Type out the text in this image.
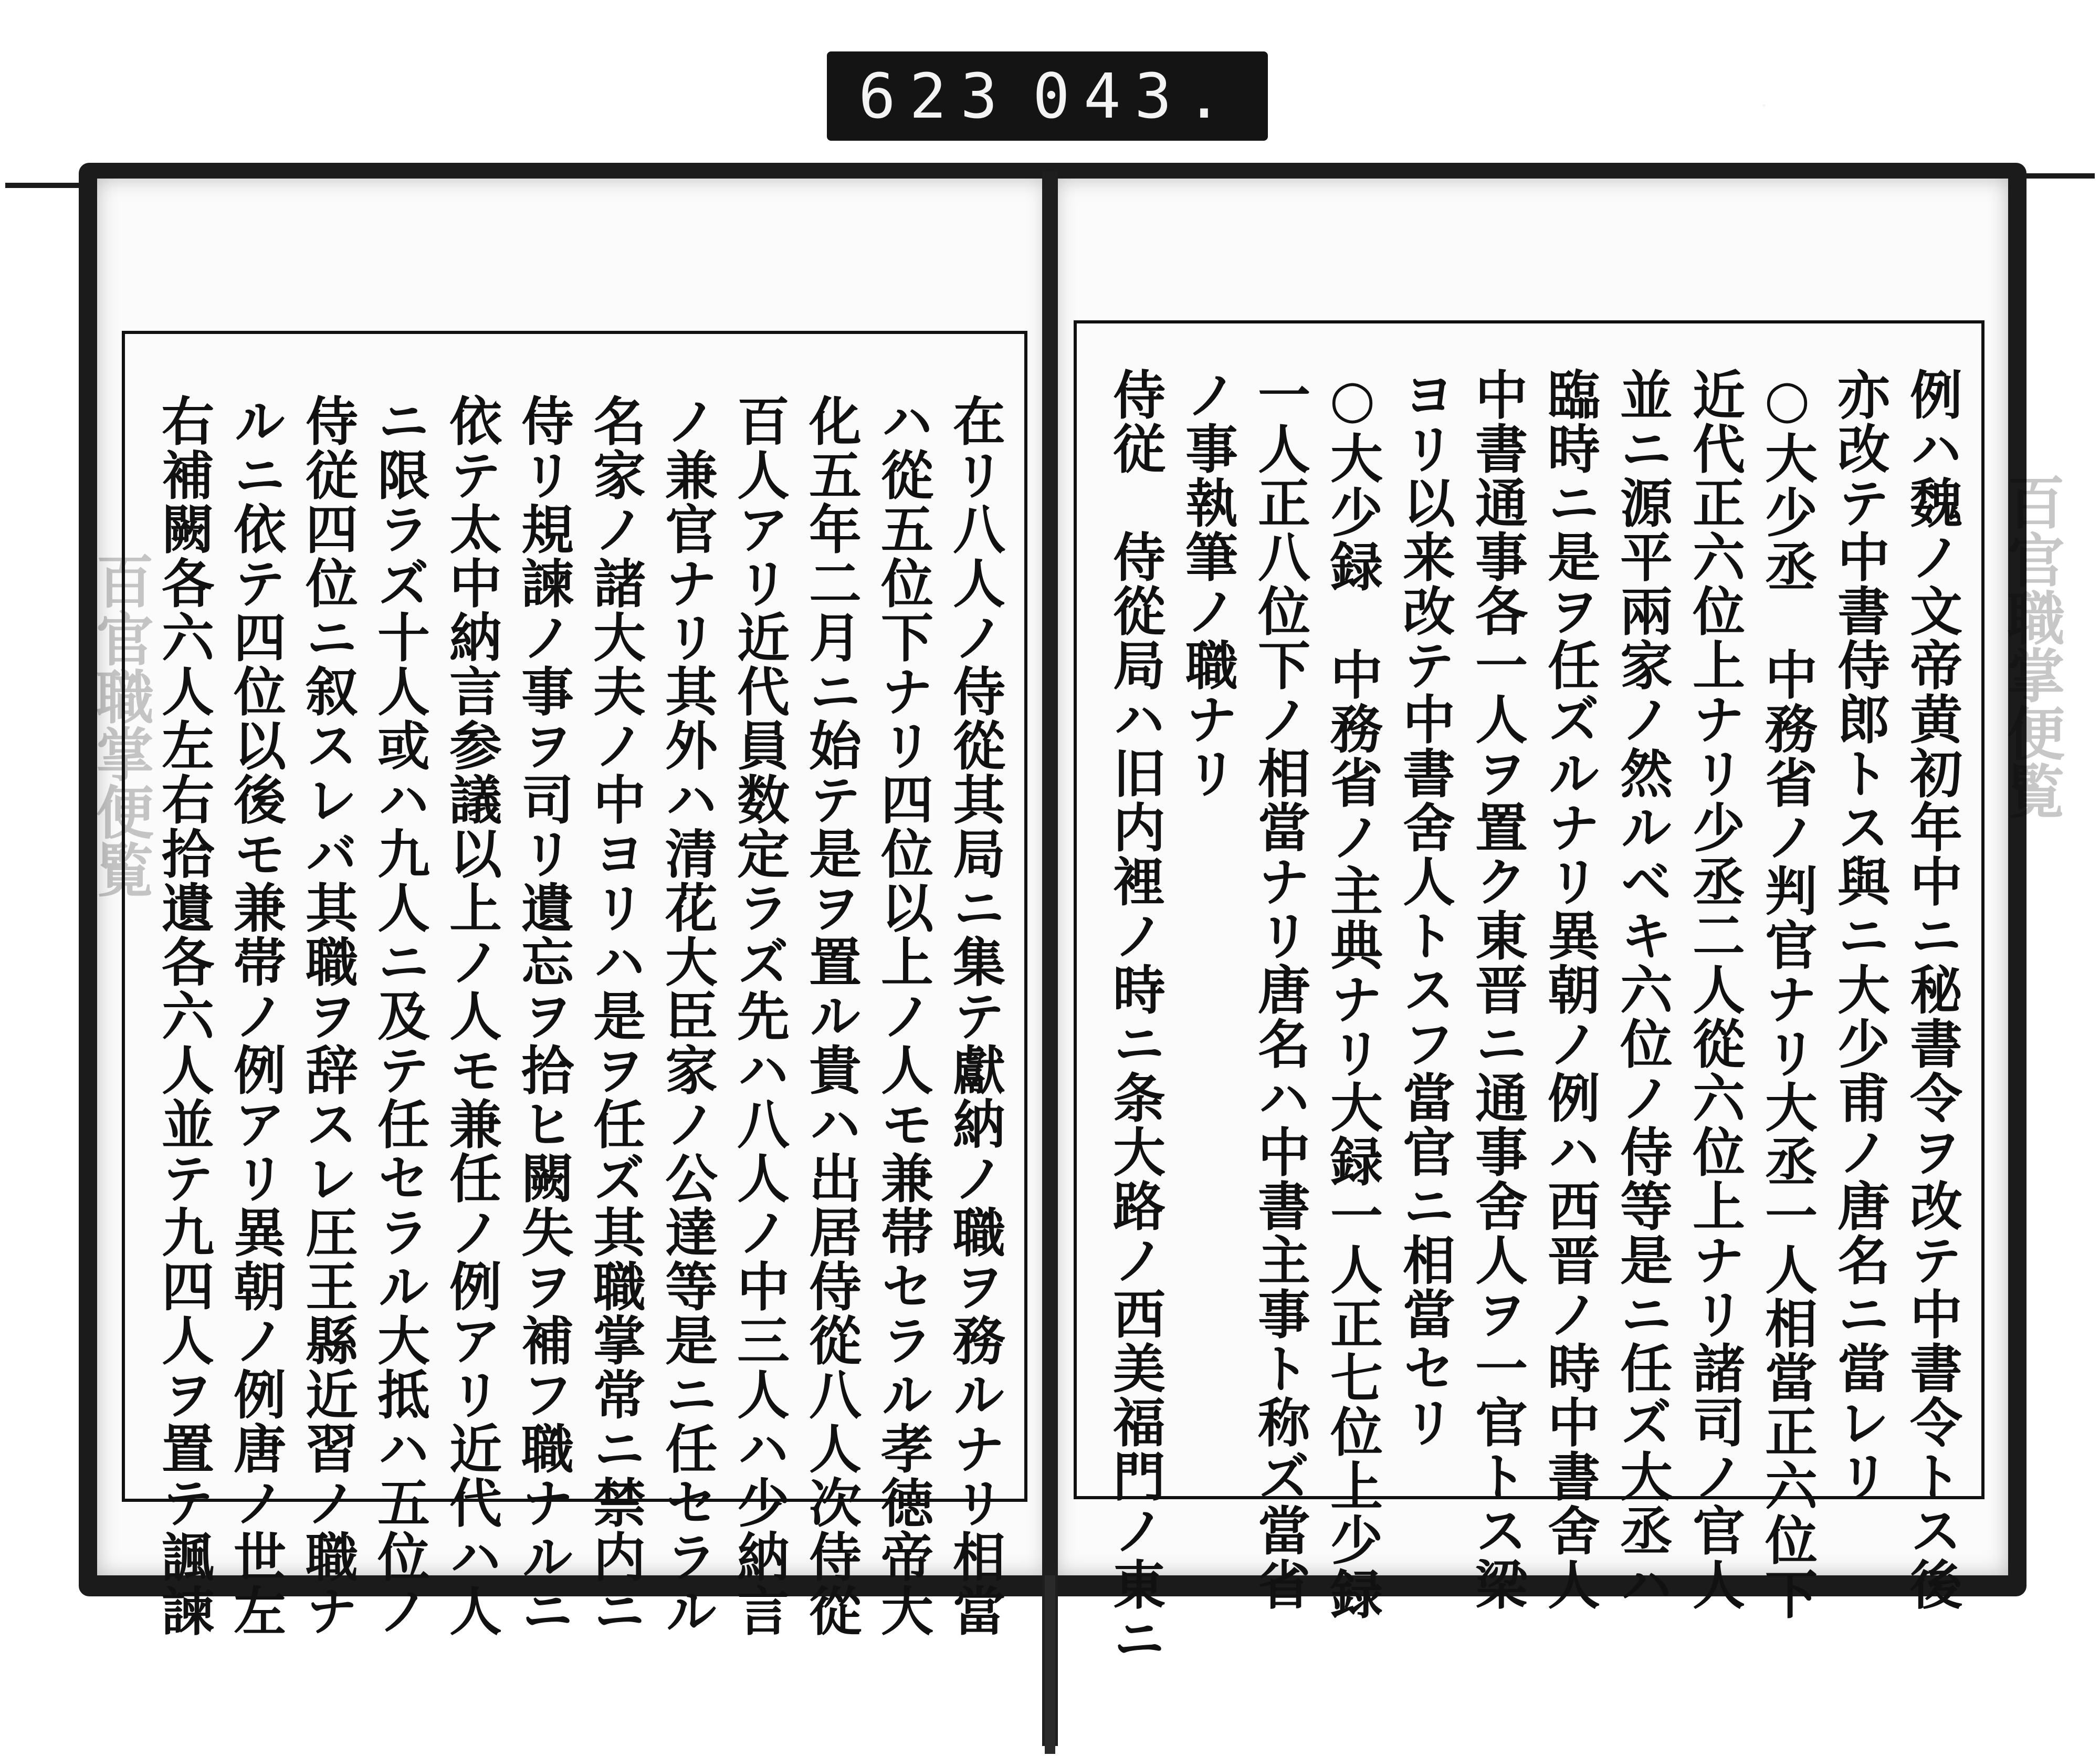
623 043.
百官職掌便覧	百官職掌便覧
例ハ魏ノ文帝黄初年中ニ秘書令ヲ改テ中書令トス後
亦改テ中書侍郎トス與ニ大少甫ノ唐名ニ當レリ
○大少丞　中務省ノ判官ナリ大丞一人相當正六位下
近代正六位上ナリ少丞二人從六位上ナリ諸司ノ官人
並ニ源平兩家ノ然ルベキ六位ノ侍等是ニ任ズ大丞ハ
臨時ニ是ヲ任ズルナリ異朝ノ例ハ西晋ノ時中書舍人
中書通事各一人ヲ置ク東晋ニ通事舍人ヲ一官トス梁
ヨリ以来改テ中書舍人トスフ當官ニ相當セリ
○大少録　中務省ノ主典ナリ大録一人正七位上少録
一人正八位下ノ相當ナリ唐名ハ中書主事ト称ズ當省
ノ事執筆ノ職ナリ
侍従　侍從局ハ旧内裡ノ時ニ条大路ノ西美福門ノ東ニ
在リ八人ノ侍從其局ニ集テ獻納ノ職ヲ務ルナリ相當
ハ從五位下ナリ四位以上ノ人モ兼帯セラル孝徳帝大
化五年二月ニ始テ是ヲ置ル貴ハ出居侍從八人次侍從
百人アリ近代員数定ラズ先ハ八人ノ中三人ハ少納言
ノ兼官ナリ其外ハ清花大臣家ノ公達等是ニ任セラル
名家ノ諸大夫ノ中ヨリハ是ヲ任ズ其職掌常ニ禁内ニ
侍リ規諫ノ事ヲ司リ遺忘ヲ拾ヒ闕失ヲ補フ職ナルニ
依テ太中納言参議以上ノ人モ兼任ノ例アリ近代ハ人
ニ限ラズ十人或ハ九人ニ及テ任セラル大抵ハ五位ノ
侍従四位ニ叙スレバ其職ヲ辞スレ圧王縣近習ノ職ナ
ルニ依テ四位以後モ兼帯ノ例アリ異朝ノ例唐ノ世左
右補闕各六人左右拾遺各六人並テ九四人ヲ置テ諷諫
